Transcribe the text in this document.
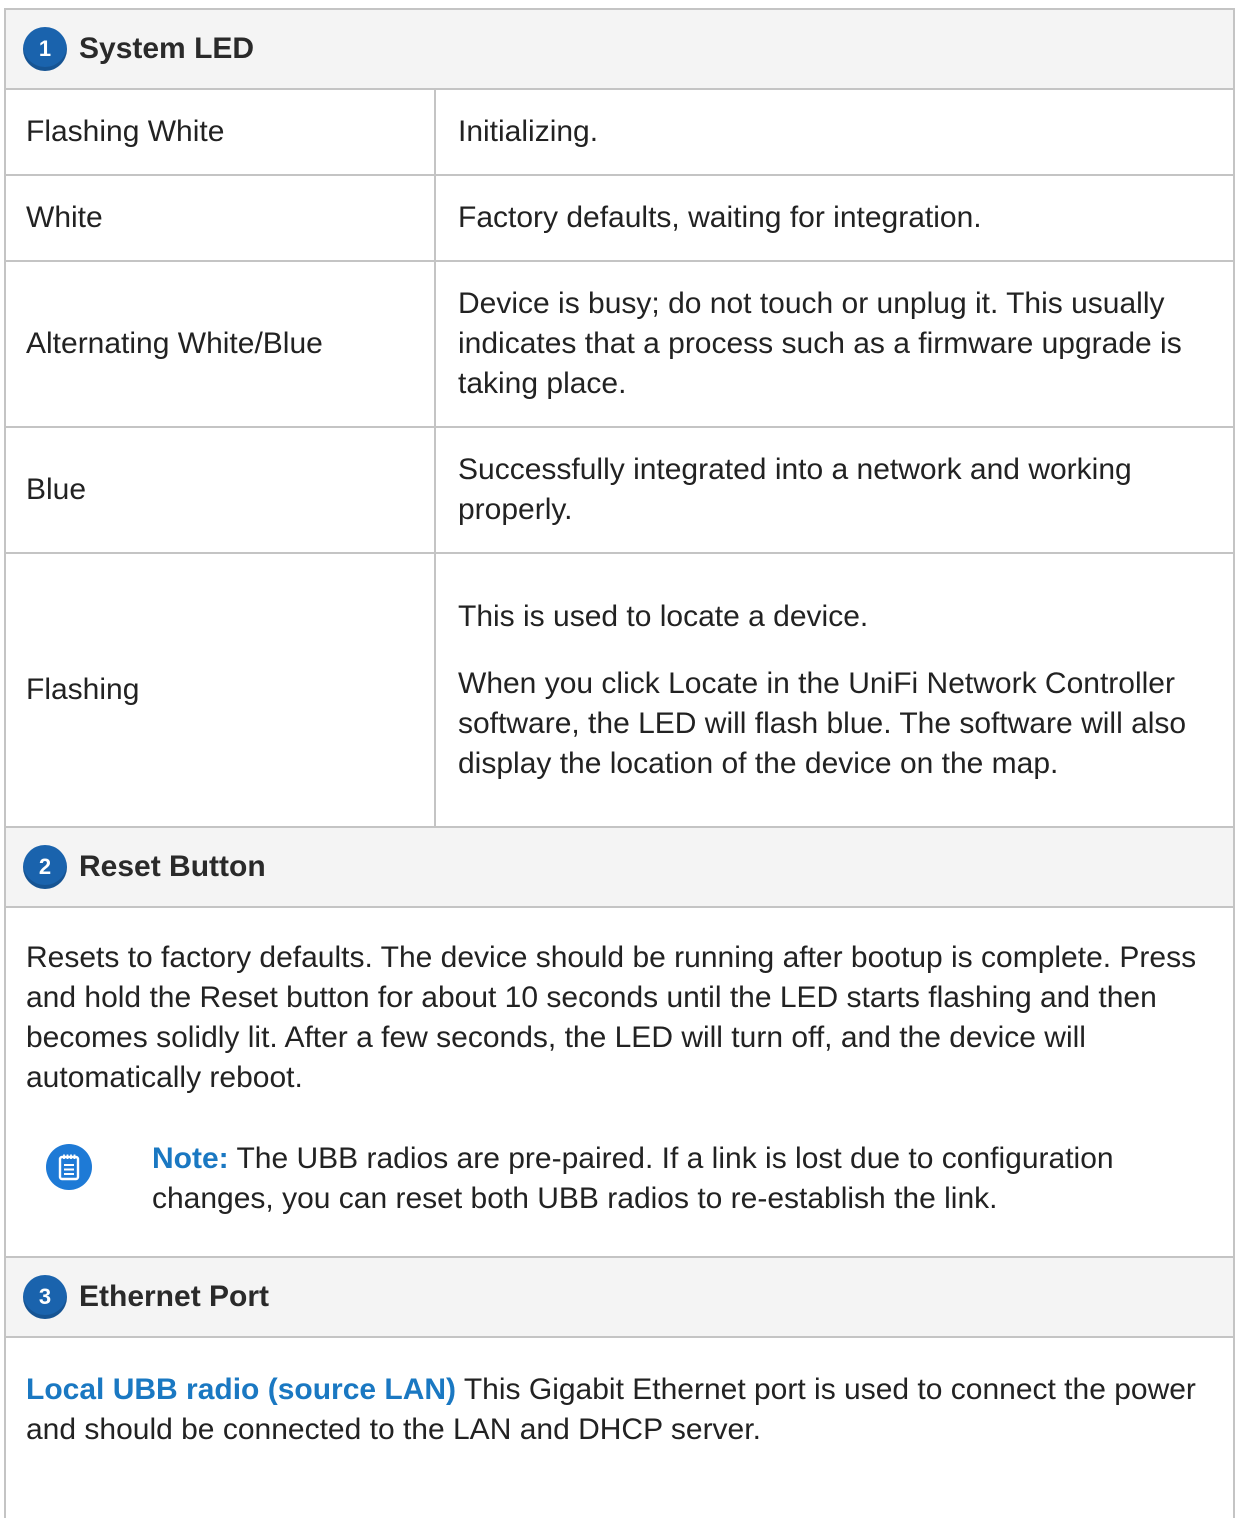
1 System LED
Flashing White	Initializing.

White	Factory defaults, waiting for integration.

Alternating White/Blue

Device is busy; do not touch or unplug it. This usually indicates that a process such as a firmware upgrade is taking place.

Blue

Successfully integrated into a network and working properly.

Flashing

This is used to locate a device.

When you click Locate in the UniFi Network Controller software, the LED will flash blue. The software will also display the location of the device on the map.

2 Reset Button
Resets to factory defaults. The device should be running after bootup is complete. Press and hold the Reset button for about 10 seconds until the LED starts flashing and then becomes solidly lit. After a few seconds, the LED will turn off, and the device will automatically reboot.
Note: The UBB radios are pre-paired. If a link is lost due to configuration changes, you can reset both UBB radios to re-establish the link.
3 Ethernet Port
Local UBB radio (source LAN) This Gigabit Ethernet port is used to connect the power and should be connected to the LAN and DHCP server.
